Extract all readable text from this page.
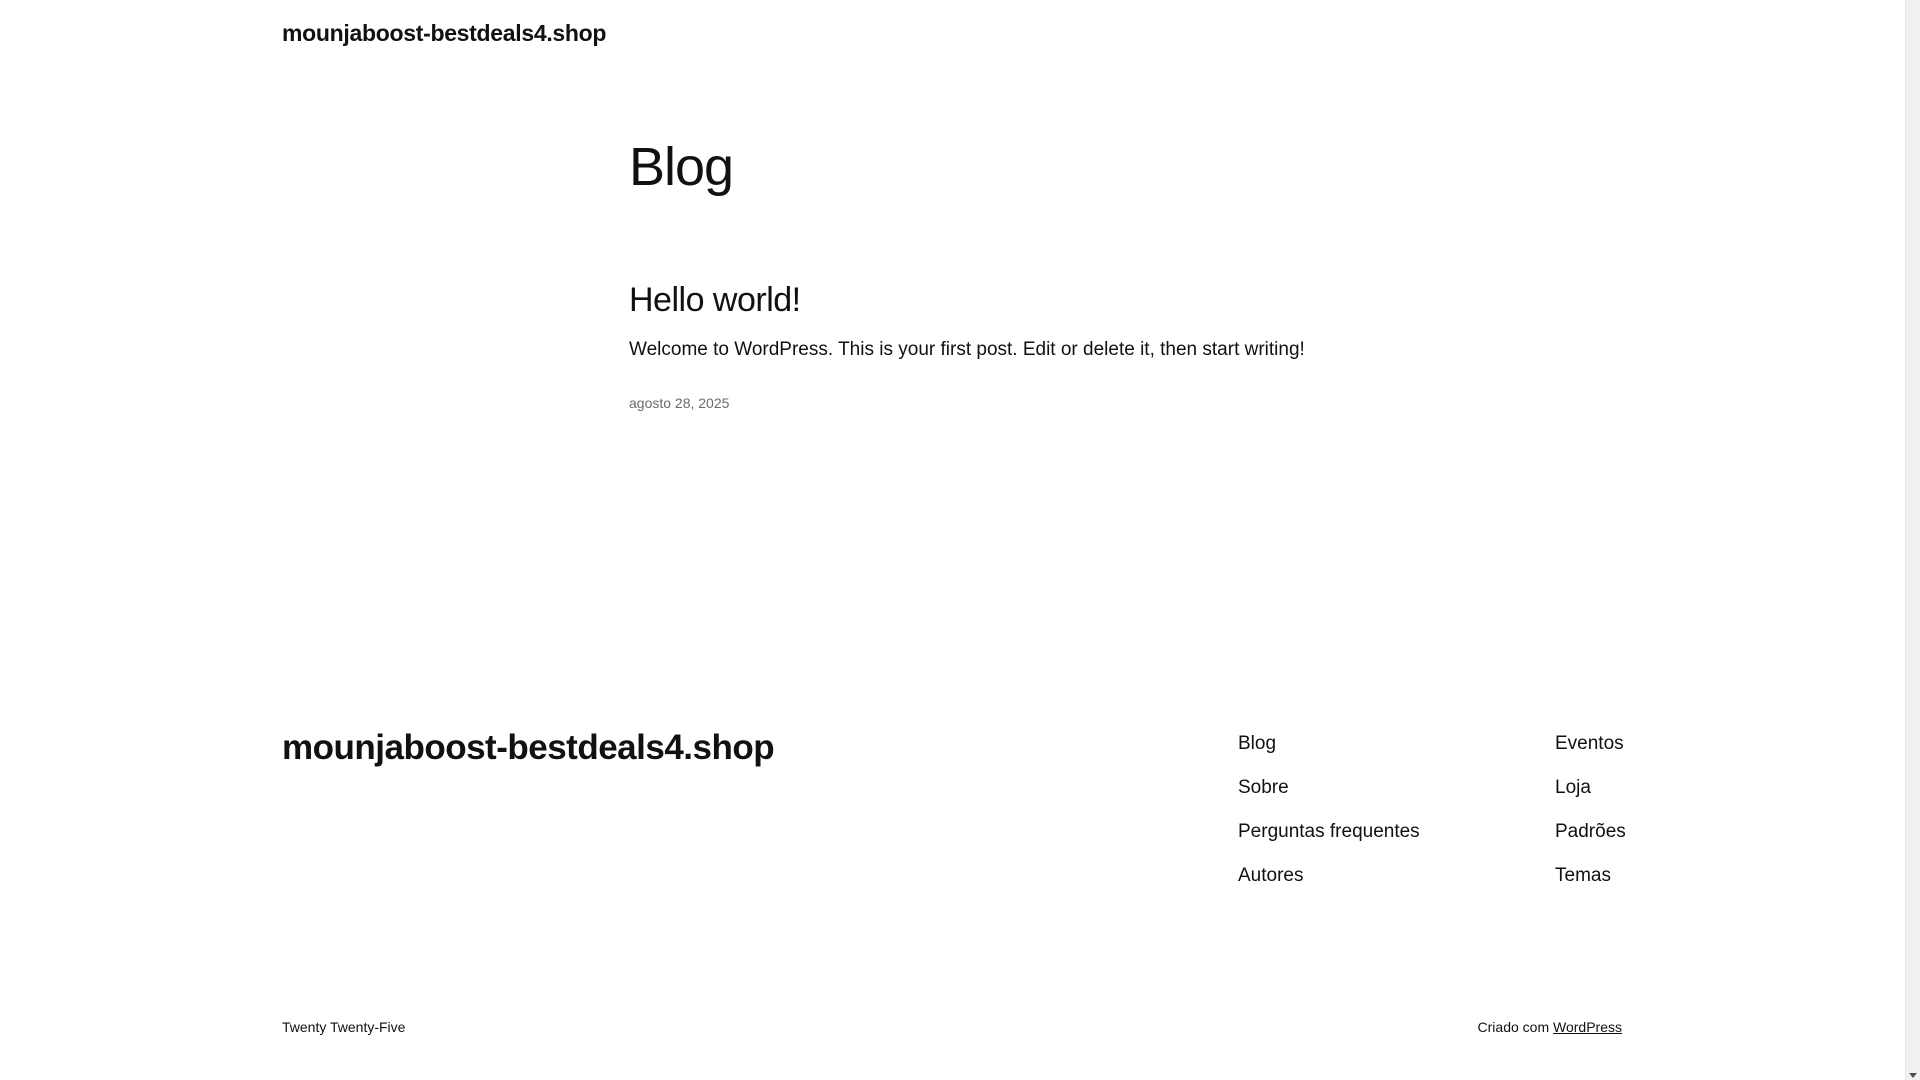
mounjaboost-bestdeals4.shop
Blog
Hello world!

Welcome to WordPress. This is your first post. Edit or delete it, then start writing!

agosto 28, 2025
mounjaboost-bestdeals4.shop	Blog
Sobre
Perguntas frequentes
Autores
Eventos
Loja
Padrões
Temas
Twenty Twenty-Five	Criado com WordPress
